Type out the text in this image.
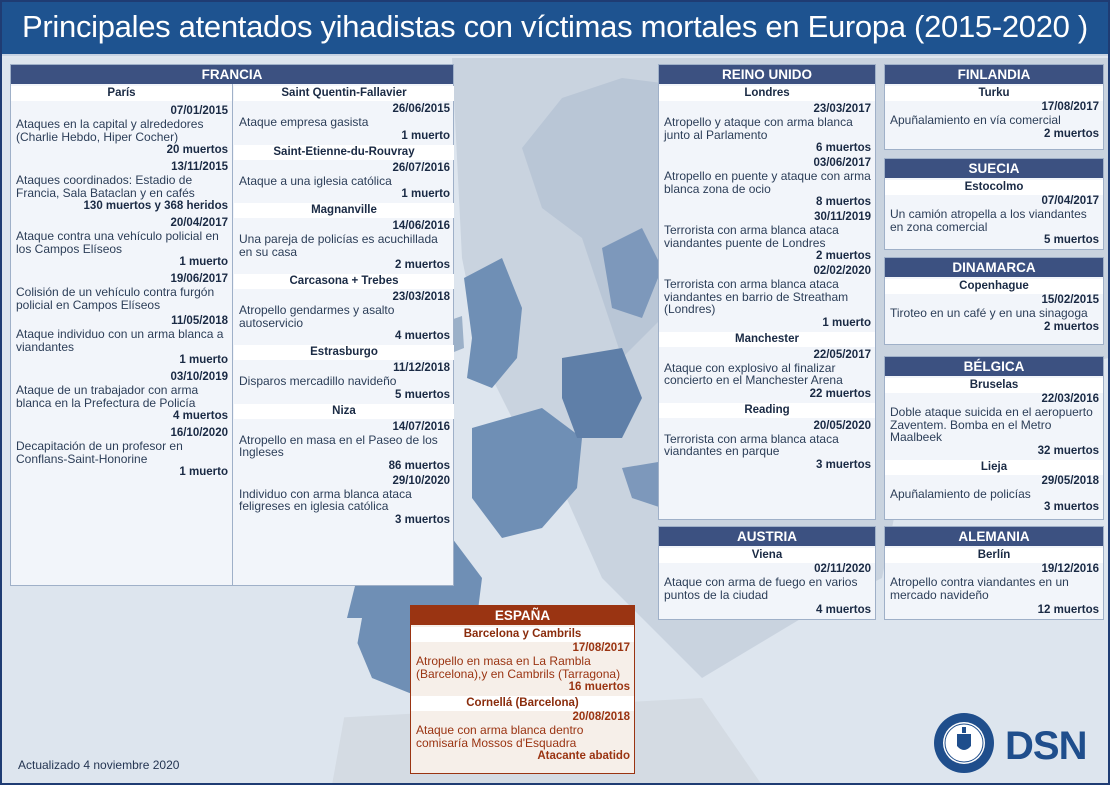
Principales atentados yihadistas con víctimas mortales en Europa (2015-2020 )
FRANCIA
París
07/01/2015
Ataques en la capital y alrededores (Charlie Hebdo, Hiper Cocher)
20 muertos
13/11/2015
Ataques coordinados: Estadio de Francia, Sala Bataclan y en cafés
130 muertos y 368 heridos
20/04/2017
Ataque contra una vehículo policial en los Campos Elíseos
1 muerto
19/06/2017
Colisión de un vehículo contra furgón policial en Campos Elíseos
11/05/2018
Ataque individuo con un arma blanca a viandantes
1 muerto
03/10/2019
Ataque de un trabajador con arma blanca en la Prefectura de Policía
4 muertos
16/10/2020
Decapitación de un profesor en Conflans-Saint-Honorine
1 muerto
Saint Quentin-Fallavier
26/06/2015
Ataque empresa gasista
1 muerto
Saint-Etienne-du-Rouvray
26/07/2016
Ataque a una iglesia católica
1 muerto
Magnanville
14/06/2016
Una pareja de policías es acuchillada en su casa
2 muertos
Carcasona + Trebes
23/03/2018
Atropello gendarmes y asalto autoservicio
4 muertos
Estrasburgo
11/12/2018
Disparos mercadillo navideño
5 muertos
Niza
14/07/2016
Atropello en masa en el Paseo de los Ingleses
86 muertos
29/10/2020
Individuo con arma blanca ataca feligreses en iglesia católica
3 muertos
REINO UNIDO
Londres
23/03/2017
Atropello y ataque con arma blanca junto al Parlamento
6 muertos
03/06/2017
Atropello en puente y ataque con arma blanca zona de ocio
8 muertos
30/11/2019
Terrorista con arma blanca ataca viandantes puente de Londres
2 muertos
02/02/2020
Terrorista con arma blanca ataca viandantes en barrio de Streatham (Londres)
1 muerto
Manchester
22/05/2017
Ataque con explosivo al finalizar concierto en el Manchester Arena
22 muertos
Reading
20/05/2020
Terrorista con arma blanca ataca viandantes en parque
3 muertos
AUSTRIA
Viena
02/11/2020
Ataque con arma de fuego en varios puntos de la ciudad
4 muertos
FINLANDIA
Turku
17/08/2017
Apuñalamiento en vía comercial
2 muertos
SUECIA
Estocolmo
07/04/2017
Un camión atropella a los viandantes en zona comercial
5 muertos
DINAMARCA
Copenhague
15/02/2015
Tiroteo en un café y en una sinagoga
2 muertos
BÉLGICA
Bruselas
22/03/2016
Doble ataque suicida en el aeropuerto Zaventem. Bomba en el Metro Maalbeek
32 muertos
Lieja
29/05/2018
Apuñalamiento de policías
3 muertos
ALEMANIA
Berlín
19/12/2016
Atropello contra viandantes en un mercado navideño
12 muertos
ESPAÑA
Barcelona y Cambrils
17/08/2017
Atropello en masa en La Rambla (Barcelona),y en Cambrils (Tarragona)
16 muertos
Cornellá (Barcelona)
20/08/2018
Ataque con arma blanca dentro comisaría Mossos d'Esquadra
Atacante abatido
Actualizado 4 noviembre 2020	DSN
